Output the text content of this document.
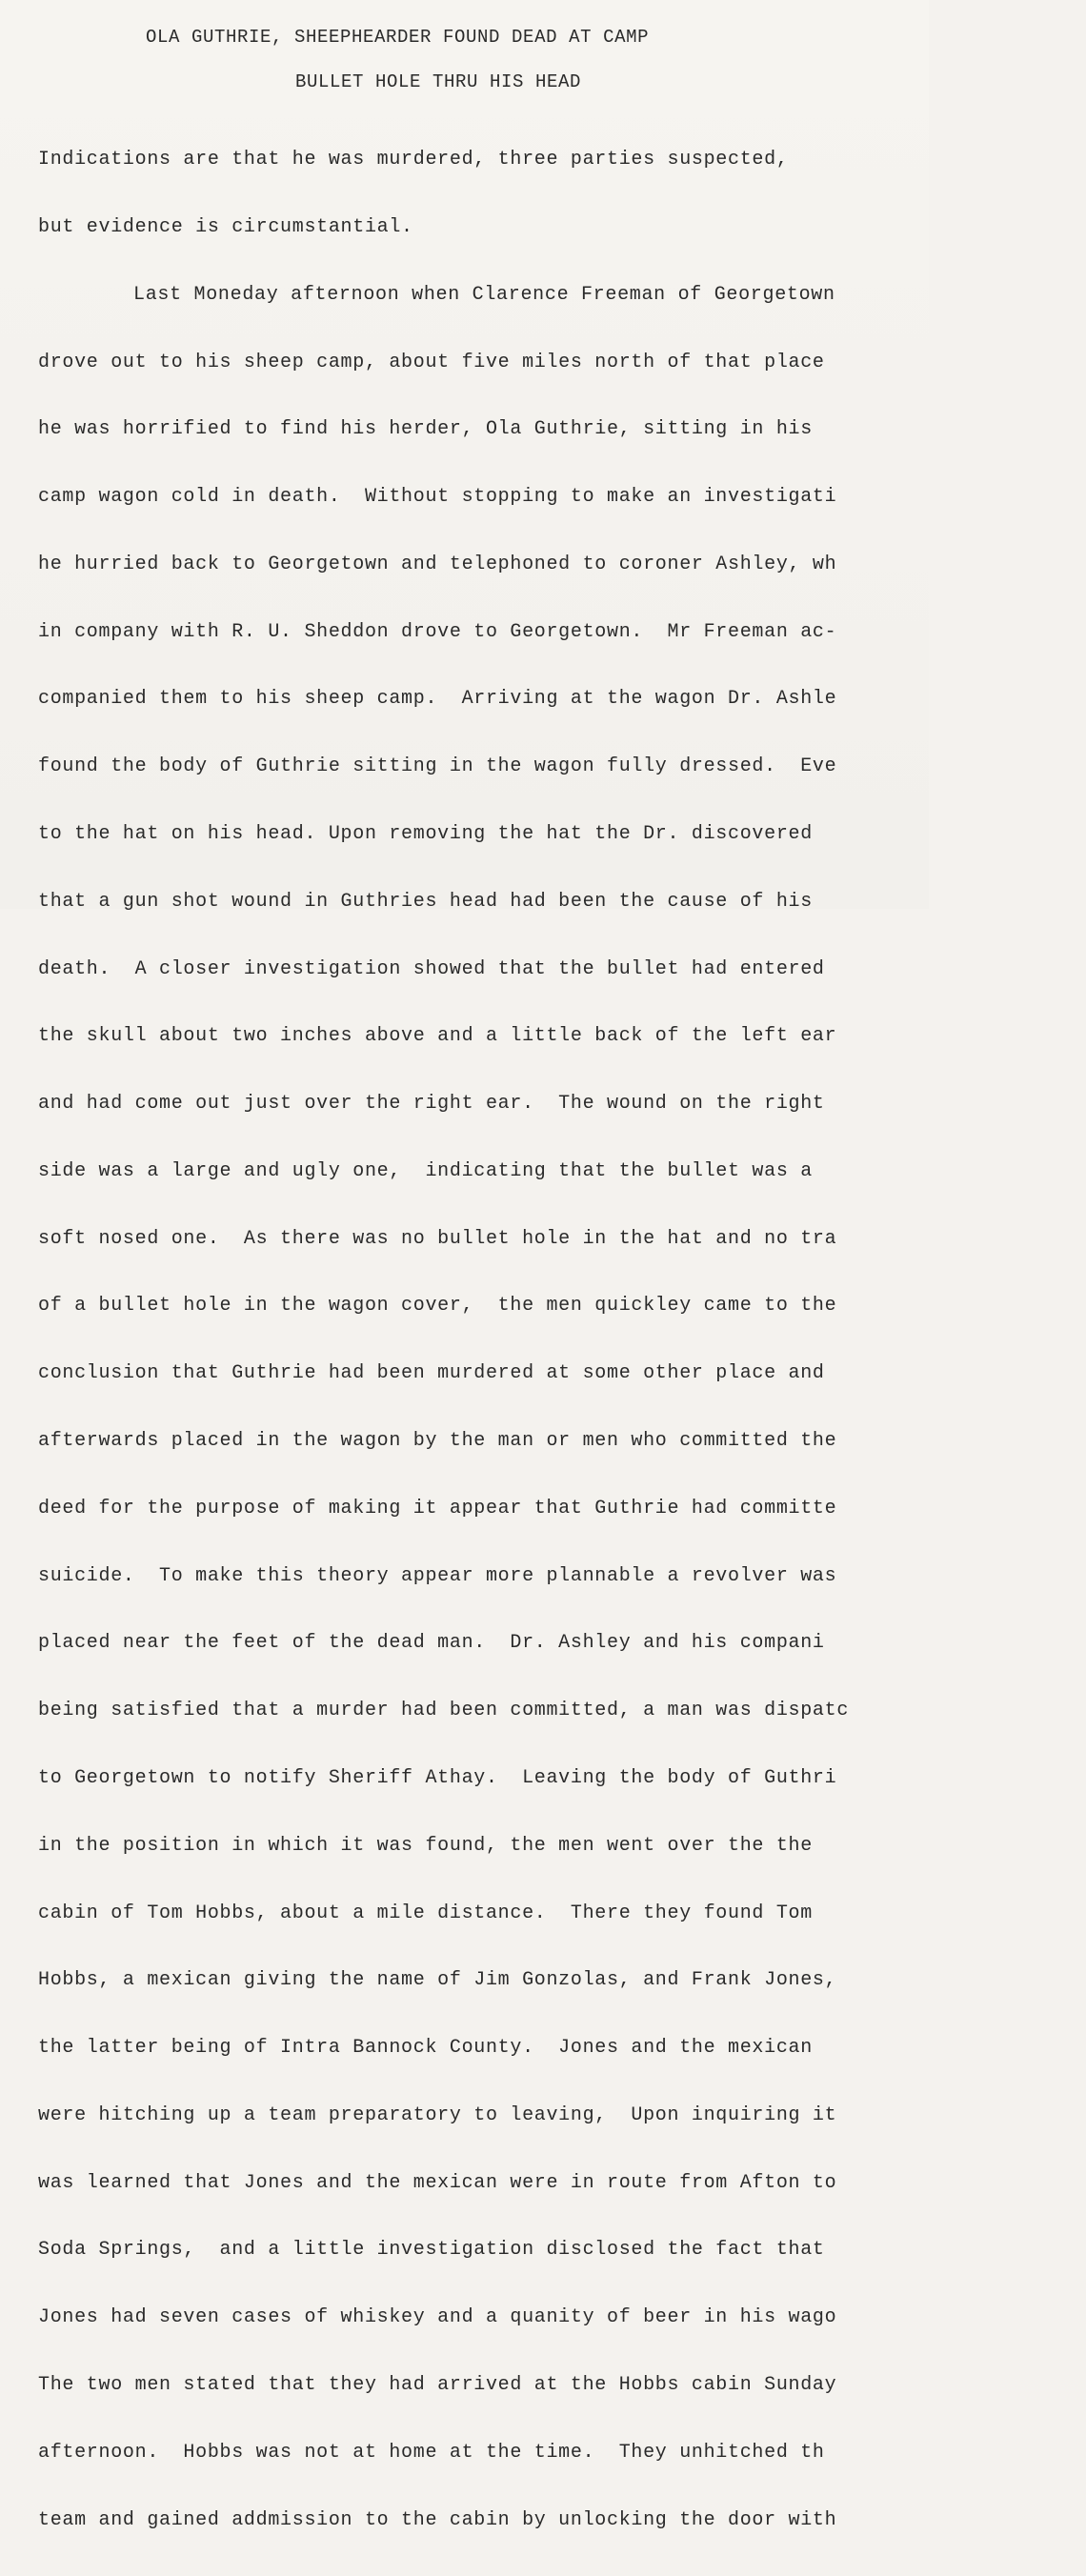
OLA GUTHRIE, SHEEPHEARDER FOUND DEAD AT CAMP
BULLET HOLE THRU HIS HEAD

Indications are that he was murdered, three parties suspected,

but evidence is circumstantial.

Last Moneday afternoon when Clarence Freeman of Georgetown

drove out to his sheep camp, about five miles north of that place

he was horrified to find his herder, Ola Guthrie, sitting in his

camp wagon cold in death.  Without stopping to make an investigati

he hurried back to Georgetown and telephoned to coroner Ashley, wh

in company with R. U. Sheddon drove to Georgetown.  Mr Freeman ac-

companied them to his sheep camp.  Arriving at the wagon Dr. Ashle

found the body of Guthrie sitting in the wagon fully dressed.  Eve

to the hat on his head. Upon removing the hat the Dr. discovered

that a gun shot wound in Guthries head had been the cause of his

death.  A closer investigation showed that the bullet had entered

the skull about two inches above and a little back of the left ear

and had come out just over the right ear.  The wound on the right

side was a large and ugly one,  indicating that the bullet was a

soft nosed one.  As there was no bullet hole in the hat and no tra

of a bullet hole in the wagon cover,  the men quickley came to the

conclusion that Guthrie had been murdered at some other place and

afterwards placed in the wagon by the man or men who committed the

deed for the purpose of making it appear that Guthrie had committe

suicide.  To make this theory appear more plannable a revolver was

placed near the feet of the dead man.  Dr. Ashley and his compani

being satisfied that a murder had been committed, a man was dispatc

to Georgetown to notify Sheriff Athay.  Leaving the body of Guthri

in the position in which it was found, the men went over the the

cabin of Tom Hobbs, about a mile distance.  There they found Tom

Hobbs, a mexican giving the name of Jim Gonzolas, and Frank Jones,

the latter being of Intra Bannock County.  Jones and the mexican

were hitching up a team preparatory to leaving,  Upon inquiring it

was learned that Jones and the mexican were in route from Afton to

Soda Springs,  and a little investigation disclosed the fact that

Jones had seven cases of whiskey and a quanity of beer in his wago

The two men stated that they had arrived at the Hobbs cabin Sunday

afternoon.  Hobbs was not at home at the time.  They unhitched th

team and gained addmission to the cabin by unlocking the door with
